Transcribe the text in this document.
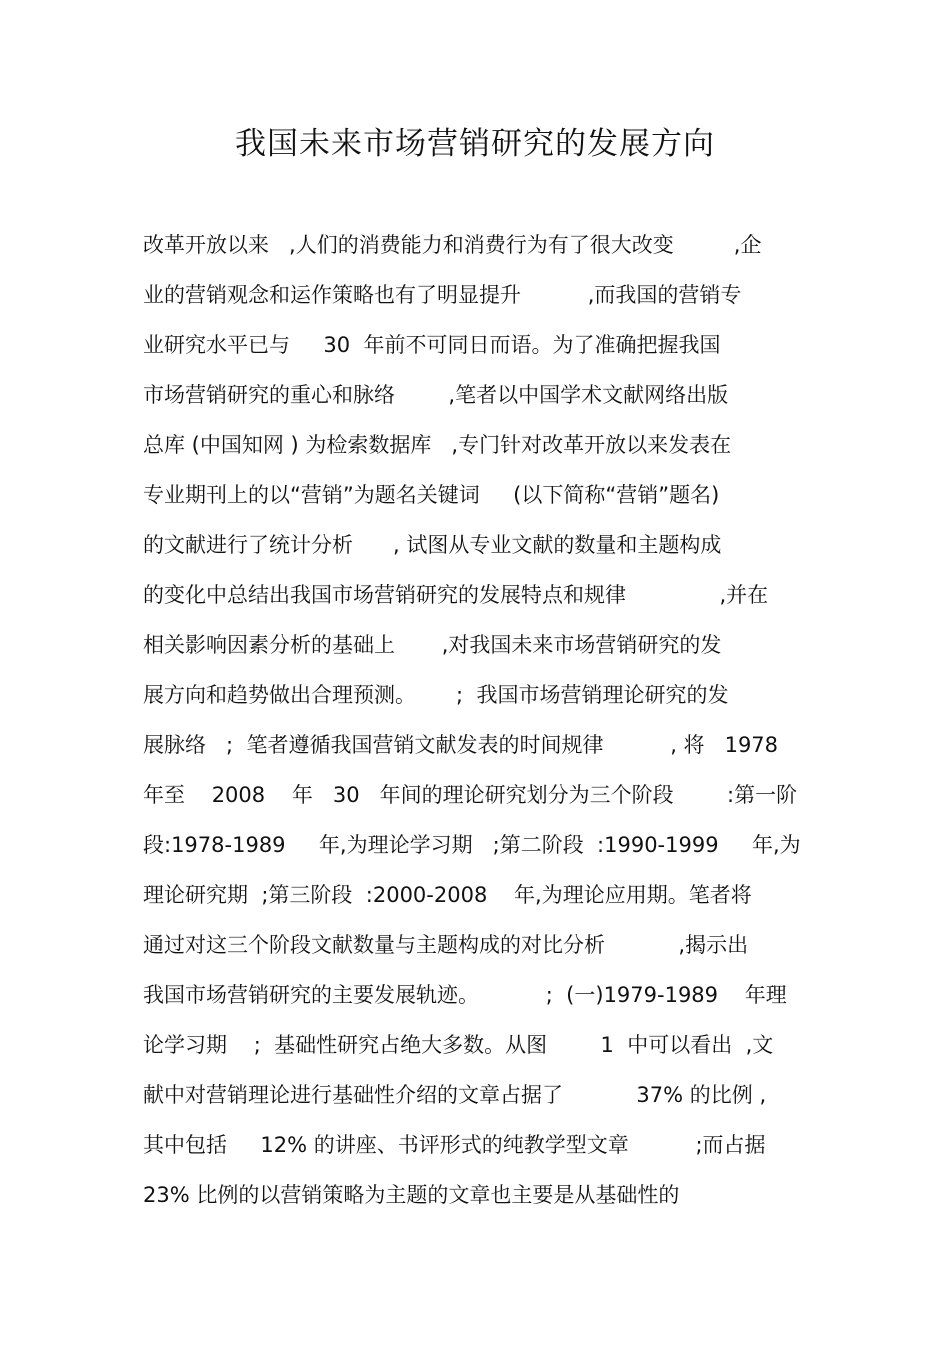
我国未来市场营销研究的发展方向
改革开放以来   ,人们的消费能力和消费行为有了很大改变         ,企
业的营销观念和运作策略也有了明显提升          ,而我国的营销专
业研究水平已与     30  年前不可同日而语。为了准确把握我国
市场营销研究的重心和脉络        ,笔者以中国学术文献网络出版
总库 (中国知网 ) 为检索数据库   ,专门针对改革开放以来发表在
专业期刊上的以“营销”为题名关键词     (以下简称“营销”题名)
的文献进行了统计分析      , 试图从专业文献的数量和主题构成
的变化中总结出我国市场营销研究的发展特点和规律              ,并在
相关影响因素分析的基础上       ,对我国未来市场营销研究的发
展方向和趋势做出合理预测。      ;  我国市场营销理论研究的发
展脉络   ;  笔者遵循我国营销文献发表的时间规律          , 将   1978
年至    2008    年   30   年间的理论研究划分为三个阶段        :第一阶
段:1978-1989     年,为理论学习期   ;第二阶段  :1990-1999     年,为
理论研究期  ;第三阶段  :2000-2008    年,为理论应用期。笔者将
通过对这三个阶段文献数量与主题构成的对比分析           ,揭示出
我国市场营销研究的主要发展轨迹。          ;  (一)1979-1989    年理
论学习期    ;  基础性研究占绝大多数。从图        1  中可以看出  ,文
献中对营销理论进行基础性介绍的文章占据了           37% 的比例 ,
其中包括     12% 的讲座、书评形式的纯教学型文章          ;而占据
23% 比例的以营销策略为主题的文章也主要是从基础性的
